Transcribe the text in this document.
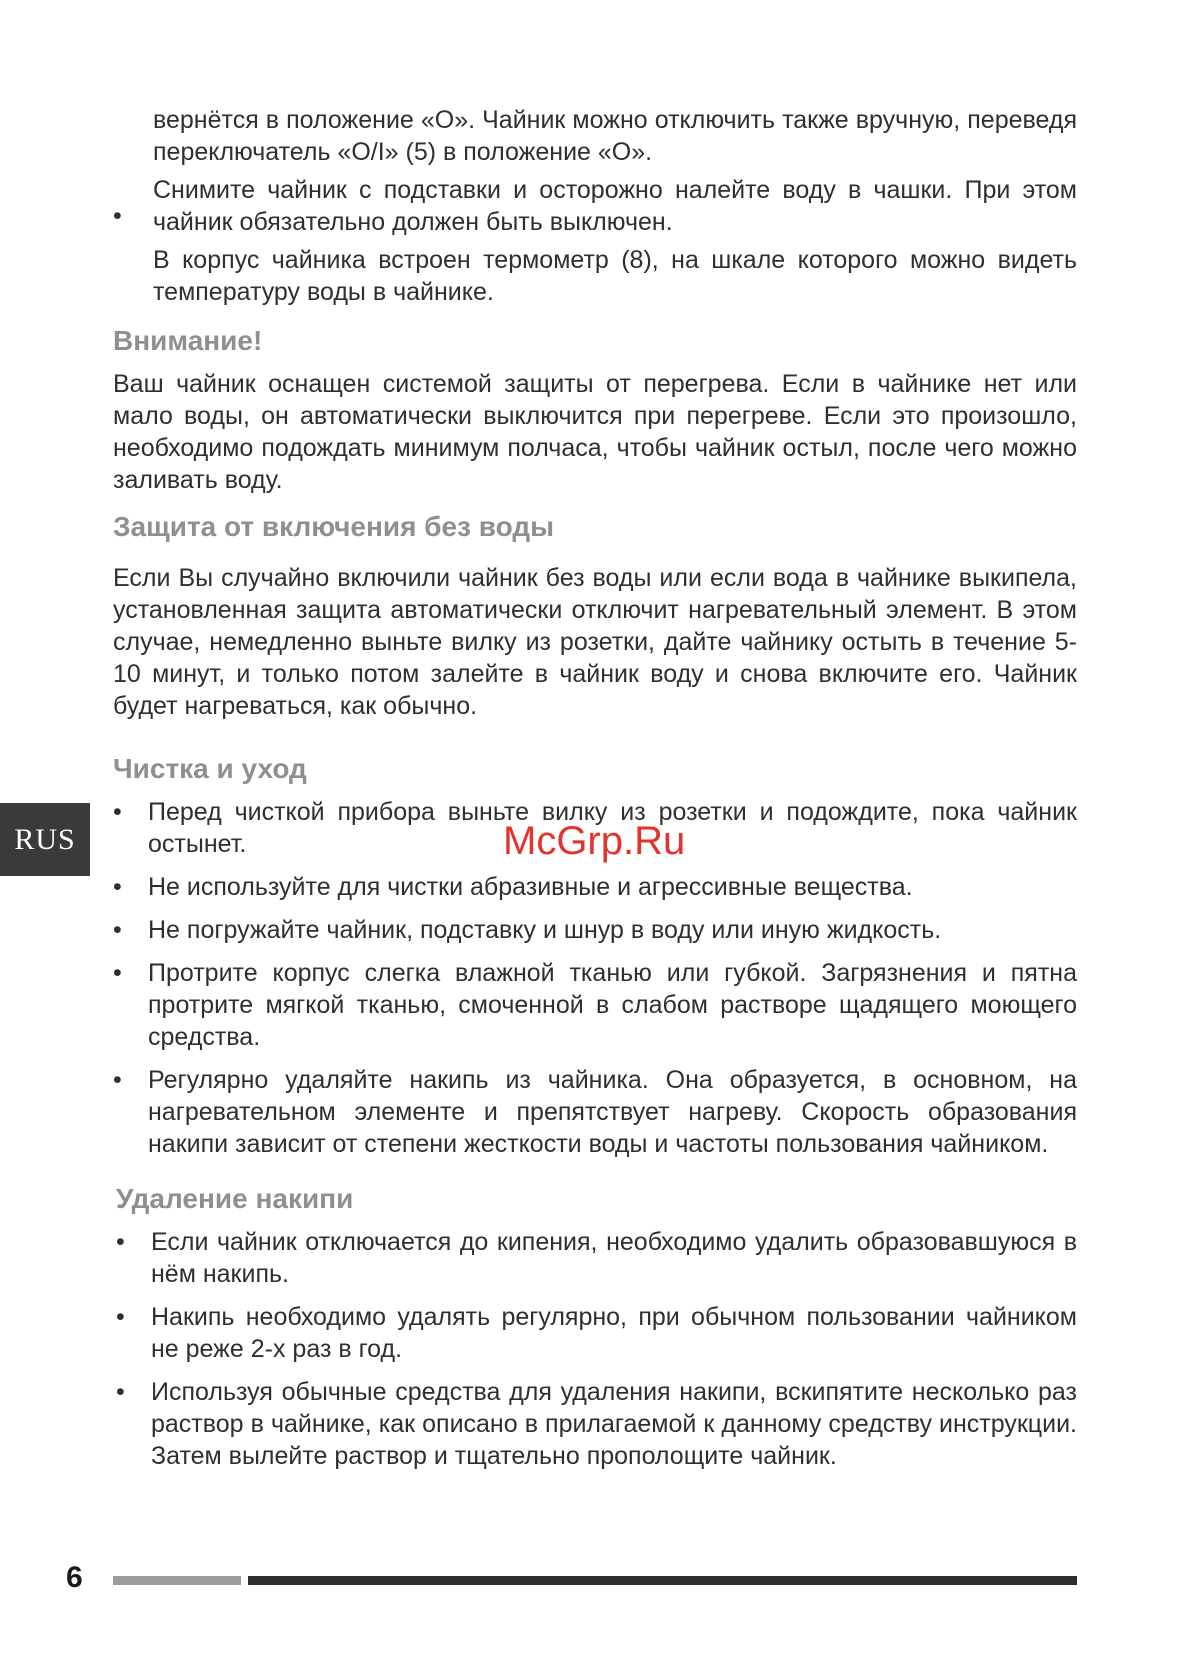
вернётся в положение «O». Чайник можно отключить также вручную, переведя переключатель «O/I» (5) в положение «O».

•

Снимите чайник с подставки и осторожно налейте воду в чашки. При этом чайник обязательно должен быть выключен.

В корпус чайника встроен термометр (8), на шкале которого можно видеть температуру воды в чайнике.

Внимание!

Ваш чайник оснащен системой защиты от перегрева. Если в чайнике нет или мало воды, он автоматически выключится при перегреве. Если это произошло, необходимо подождать минимум полчаса, чтобы чайник остыл, после чего можно заливать воду.

Защита от включения без воды

Если Вы случайно включили чайник без воды или если вода в чайнике выкипела, установленная защита автоматически отключит нагревательный элемент. В этом случае, немедленно выньте вилку из розетки, дайте чайнику остыть в течение 5-10 минут, и только потом залейте в чайник воду и снова включите его. Чайник будет нагреваться, как обычно.

Чистка и уход
• Перед чисткой прибора выньте вилку из розетки и подождите, пока чайник остынет.
• Не используйте для чистки абразивные и агрессивные вещества.
• Не погружайте чайник, подставку и шнур в воду или иную жидкость.
• Протрите корпус слегка влажной тканью или губкой. Загрязнения и пятна протрите мягкой тканью, смоченной в слабом растворе щадящего моющего средства.
• Регулярно удаляйте накипь из чайника. Она образуется, в основном, на нагревательном элементе и препятствует нагреву. Скорость образования накипи зависит от степени жесткости воды и частоты пользования чайником.
Удаление накипи
• Если чайник отключается до кипения, необходимо удалить образовавшуюся в нём накипь.
• Накипь необходимо удалять регулярно, при обычном пользовании чайником не реже 2-х раз в год.
• Используя обычные средства для удаления накипи, вскипятите несколько раз раствор в чайнике, как описано в прилагаемой к данному средству инструкции. Затем вылейте раствор и тщательно прополощите чайник.
RUS	McGrp.Ru
6
